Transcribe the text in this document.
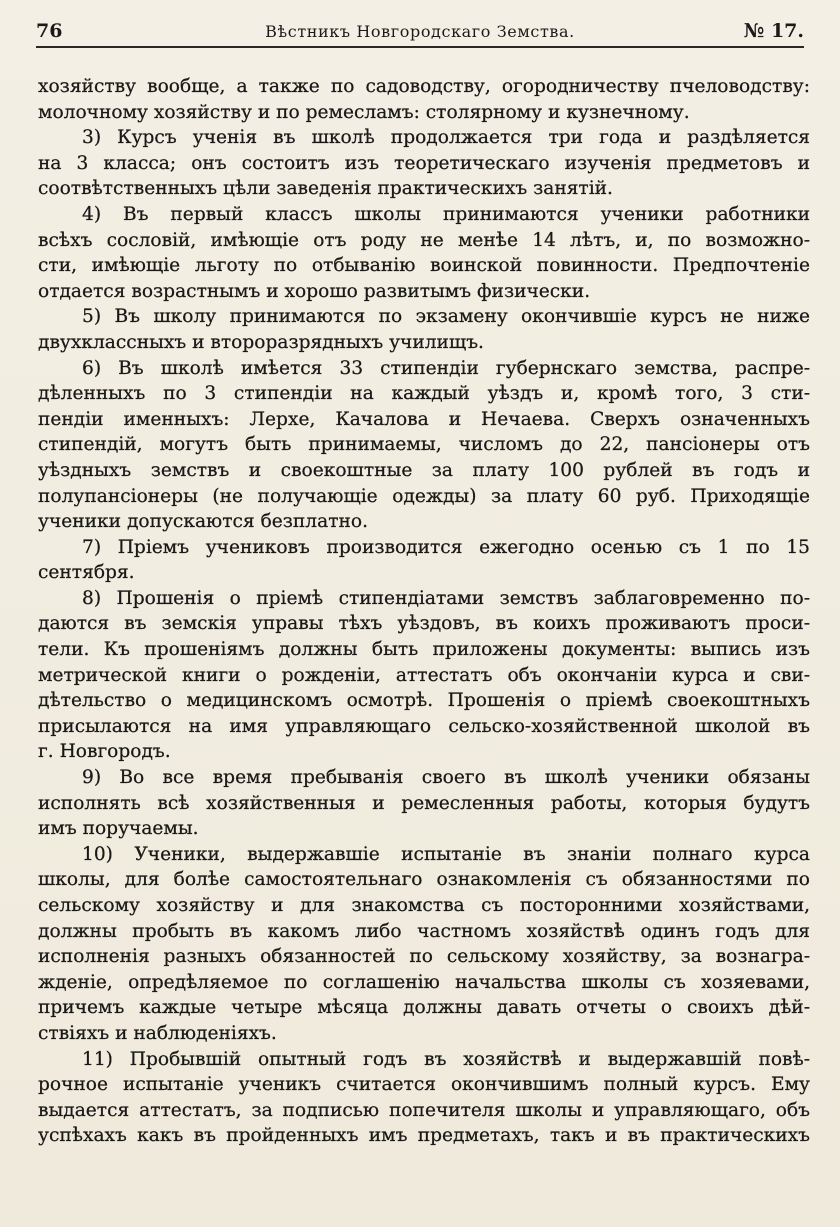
76	Вѣстникъ Новгородскаго Земства.	№ 17.
хозяйству вообще, а также по садоводству, огородничеству пчеловодству:
молочному хозяйству и по ремесламъ: столярному и кузнечному.
3) Курсъ ученія въ школѣ продолжается три года и раздѣляется
на 3 класса; онъ состоитъ изъ теоретическаго изученія предметовъ и
соотвѣтственныхъ цѣли заведенія практическихъ занятій.
4) Въ первый классъ школы принимаются ученики работники
всѣхъ сословій, имѣющіе отъ роду не менѣе 14 лѣтъ, и, по возможно-
сти, имѣющіе льготу по отбыванію воинской повинности. Предпочтеніе
отдается возрастнымъ и хорошо развитымъ физически.
5) Въ школу принимаются по экзамену окончившіе курсъ не ниже
двухклассныхъ и второразрядныхъ училищъ.
6) Въ школѣ имѣется 33 стипендіи губернскаго земства, распре-
дѣленныхъ по 3 стипендіи на каждый уѣздъ и, кромѣ того, 3 сти-
пендіи именныхъ: Лерхе, Качалова и Нечаева. Сверхъ означенныхъ
стипендій, могутъ быть принимаемы, числомъ до 22, пансіонеры отъ
уѣздныхъ земствъ и своекоштные за плату 100 рублей въ годъ и
полупансіонеры (не получающіе одежды) за плату 60 руб. Приходящіе
ученики допускаются безплатно.
7) Пріемъ учениковъ производится ежегодно осенью съ 1 по 15
сентября.
8) Прошенія о пріемѣ стипендіатами земствъ заблаговременно по-
даются въ земскія управы тѣхъ уѣздовъ, въ коихъ проживаютъ проси-
тели. Къ прошеніямъ должны быть приложены документы: выпись изъ
метрической книги о рожденіи, аттестатъ объ окончаніи курса и сви-
дѣтельство о медицинскомъ осмотрѣ. Прошенія о пріемѣ своекоштныхъ
присылаются на имя управляющаго сельско-хозяйственной школой въ
г. Новгородъ.
9) Во все время пребыванія своего въ школѣ ученики обязаны
исполнять всѣ хозяйственныя и ремесленныя работы, которыя будутъ
имъ поручаемы.
10) Ученики, выдержавшіе испытаніе въ знаніи полнаго курса
школы, для болѣе самостоятельнаго ознакомленія съ обязанностями по
сельскому хозяйству и для знакомства съ посторонними хозяйствами,
должны пробыть въ какомъ либо частномъ хозяйствѣ одинъ годъ для
исполненія разныхъ обязанностей по сельскому хозяйству, за вознагра-
жденіе, опредѣляемое по соглашенію начальства школы съ хозяевами,
причемъ каждые четыре мѣсяца должны давать отчеты о своихъ дѣй-
ствіяхъ и наблюденіяхъ.
11) Пробывшій опытный годъ въ хозяйствѣ и выдержавшій повѣ-
рочное испытаніе ученикъ считается окончившимъ полный курсъ. Ему
выдается аттестатъ, за подписью попечителя школы и управляющаго, объ
успѣхахъ какъ въ пройденныхъ имъ предметахъ, такъ и въ практическихъ
